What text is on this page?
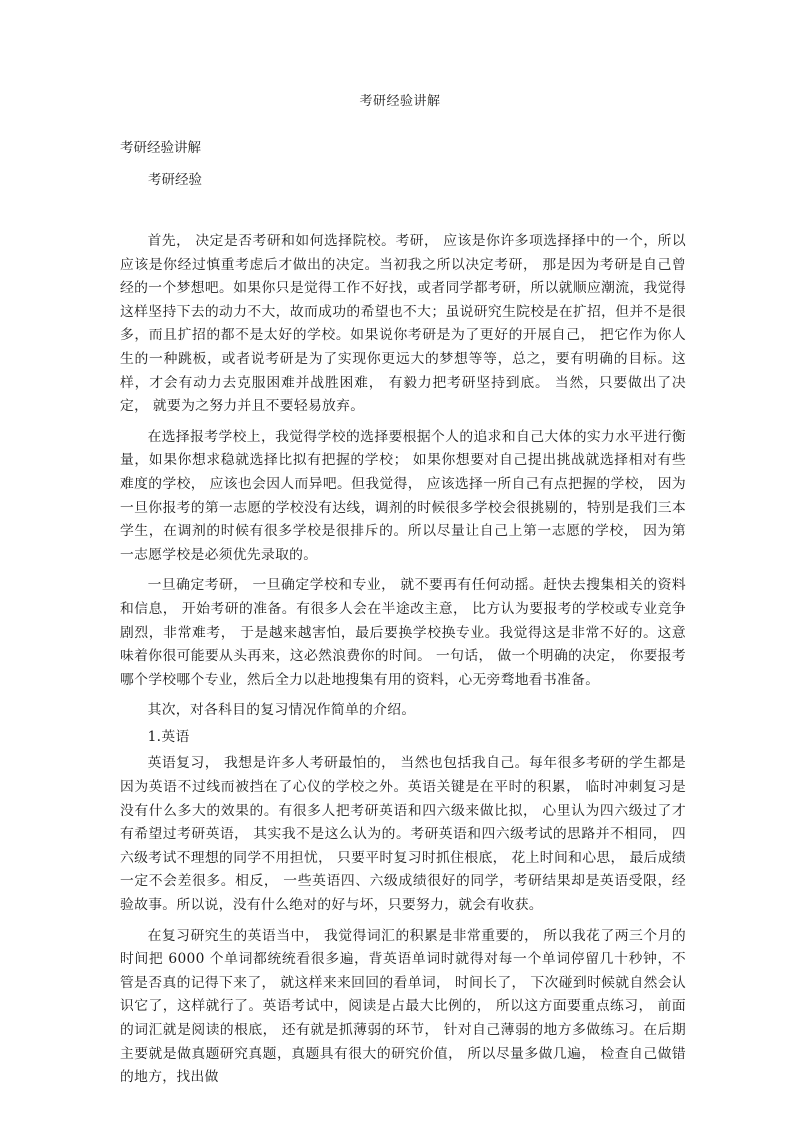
考研经验讲解
考研经验讲解
考研经验

首先， 决定是否考研和如何选择院校。考研， 应该是你许多项选择择中的一个，所以应该是你经过慎重考虑后才做出的决定。当初我之所以决定考研， 那是因为考研是自己曾经的一个梦想吧。如果你只是觉得工作不好找，或者同学都考研，所以就顺应潮流，我觉得这样坚持下去的动力不大，故而成功的希望也不大；虽说研究生院校是在扩招，但并不是很多，而且扩招的都不是太好的学校。如果说你考研是为了更好的开展自己， 把它作为你人生的一种跳板，或者说考研是为了实现你更远大的梦想等等，总之，要有明确的目标。这样，才会有动力去克服困难并战胜困难， 有毅力把考研坚持到底。 当然，只要做出了决定， 就要为之努力并且不要轻易放弃。

在选择报考学校上，我觉得学校的选择要根据个人的追求和自己大体的实力水平进行衡量，如果你想求稳就选择比拟有把握的学校； 如果你想要对自己提出挑战就选择相对有些难度的学校， 应该也会因人而异吧。但我觉得， 应该选择一所自己有点把握的学校， 因为一旦你报考的第一志愿的学校没有达线，调剂的时候很多学校会很挑剔的，特别是我们三本学生，在调剂的时候有很多学校是很排斥的。所以尽量让自己上第一志愿的学校， 因为第一志愿学校是必须优先录取的。

一旦确定考研， 一旦确定学校和专业， 就不要再有任何动摇。赶快去搜集相关的资料和信息， 开始考研的准备。有很多人会在半途改主意， 比方认为要报考的学校或专业竞争剧烈，非常难考， 于是越来越害怕，最后要换学校换专业。我觉得这是非常不好的。这意味着你很可能要从头再来，这必然浪费你的时间。 一句话， 做一个明确的决定， 你要报考哪个学校哪个专业，然后全力以赴地搜集有用的资料，心无旁骛地看书准备。

其次，对各科目的复习情况作简单的介绍。

1.英语

英语复习， 我想是许多人考研最怕的， 当然也包括我自己。每年很多考研的学生都是因为英语不过线而被挡在了心仪的学校之外。英语关键是在平时的积累， 临时冲刺复习是没有什么多大的效果的。有很多人把考研英语和四六级来做比拟， 心里认为四六级过了才有希望过考研英语， 其实我不是这么认为的。考研英语和四六级考试的思路并不相同， 四六级考试不理想的同学不用担忧， 只要平时复习时抓住根底， 花上时间和心思， 最后成绩一定不会差很多。相反， 一些英语四、六级成绩很好的同学，考研结果却是英语受限，经验故事。所以说，没有什么绝对的好与坏，只要努力，就会有收获。

在复习研究生的英语当中， 我觉得词汇的积累是非常重要的， 所以我花了两三个月的时间把 6000 个单词都统统看很多遍，背英语单词时就得对每一个单词停留几十秒钟，不管是否真的记得下来了， 就这样来来回回的看单词， 时间长了， 下次碰到时候就自然会认识它了，这样就行了。英语考试中，阅读是占最大比例的， 所以这方面要重点练习， 前面的词汇就是阅读的根底， 还有就是抓薄弱的环节， 针对自己薄弱的地方多做练习。在后期主要就是做真题研究真题，真题具有很大的研究价值， 所以尽量多做几遍， 检查自己做错的地方，找出做
